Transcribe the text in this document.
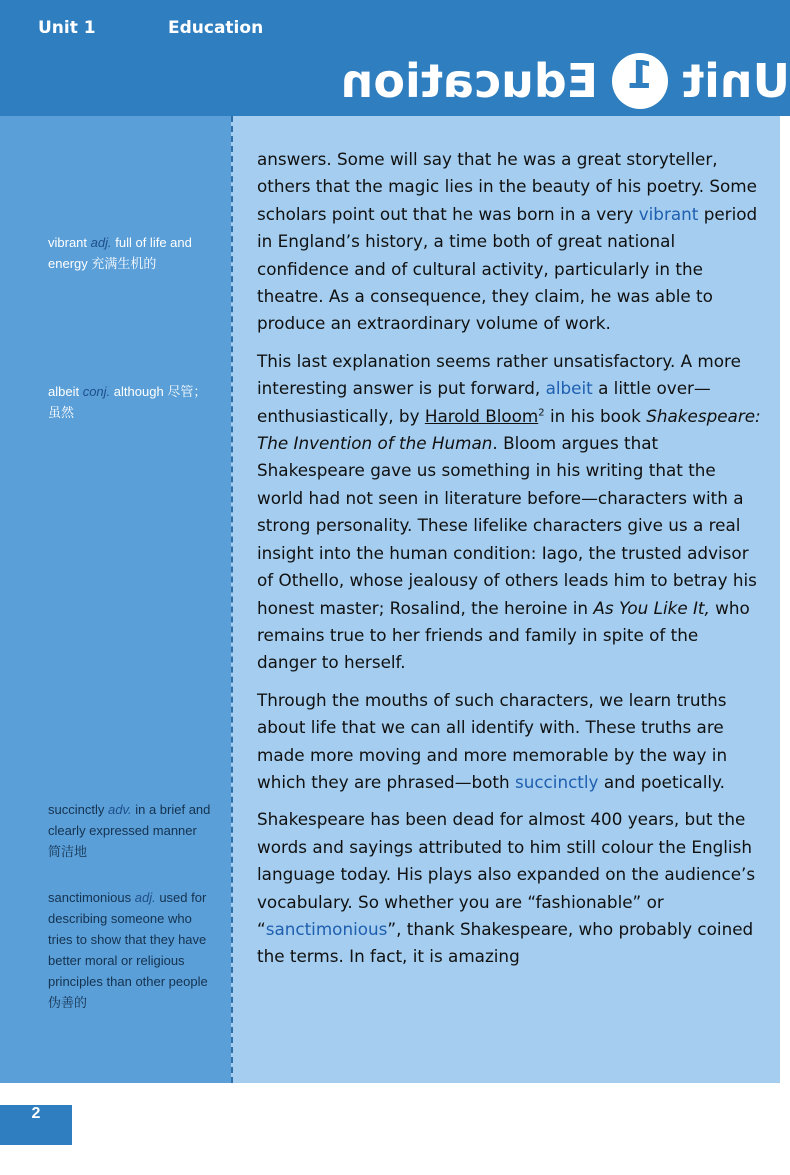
Unit 1	Education
Unit
1
Education
vibrant adj. full of life and energy 充满生机的
albeit conj. although 尽管；虽然
succinctly adv. in a brief and clearly expressed manner 简洁地
sanctimonious adj. used for describing someone who tries to show that they have better moral or religious principles than other people 伪善的

answers. Some will say that he was a great storyteller, others that the magic lies in the beauty of his poetry. Some scholars point out that he was born in a very vibrant period in England’s history, a time both of great national confidence and of cultural activity, particularly in the theatre. As a consequence, they claim, he was able to produce an extraordinary volume of work.

This last explanation seems rather unsatisfactory. A more interesting answer is put forward, albeit a little over—enthusiastically, by Harold Bloom$^2$ in his book Shakespeare: The Invention of the Human. Bloom argues that Shakespeare gave us something in his writing that the world had not seen in literature before—characters with a strong personality. These lifelike characters give us a real insight into the human condition: Iago, the trusted advisor of Othello, whose jealousy of others leads him to betray his honest master; Rosalind, the heroine in As You Like It, who remains true to her friends and family in spite of the danger to herself.

Through the mouths of such characters, we learn truths about life that we can all identify with. These truths are made more moving and more memorable by the way in which they are phrased—both succinctly and poetically.

Shakespeare has been dead for almost 400 years, but the words and sayings attributed to him still colour the English language today. His plays also expanded on the audience’s vocabulary. So whether you are “fashionable” or “sanctimonious”, thank Shakespeare, who probably coined the terms. In fact, it is amazing

2
